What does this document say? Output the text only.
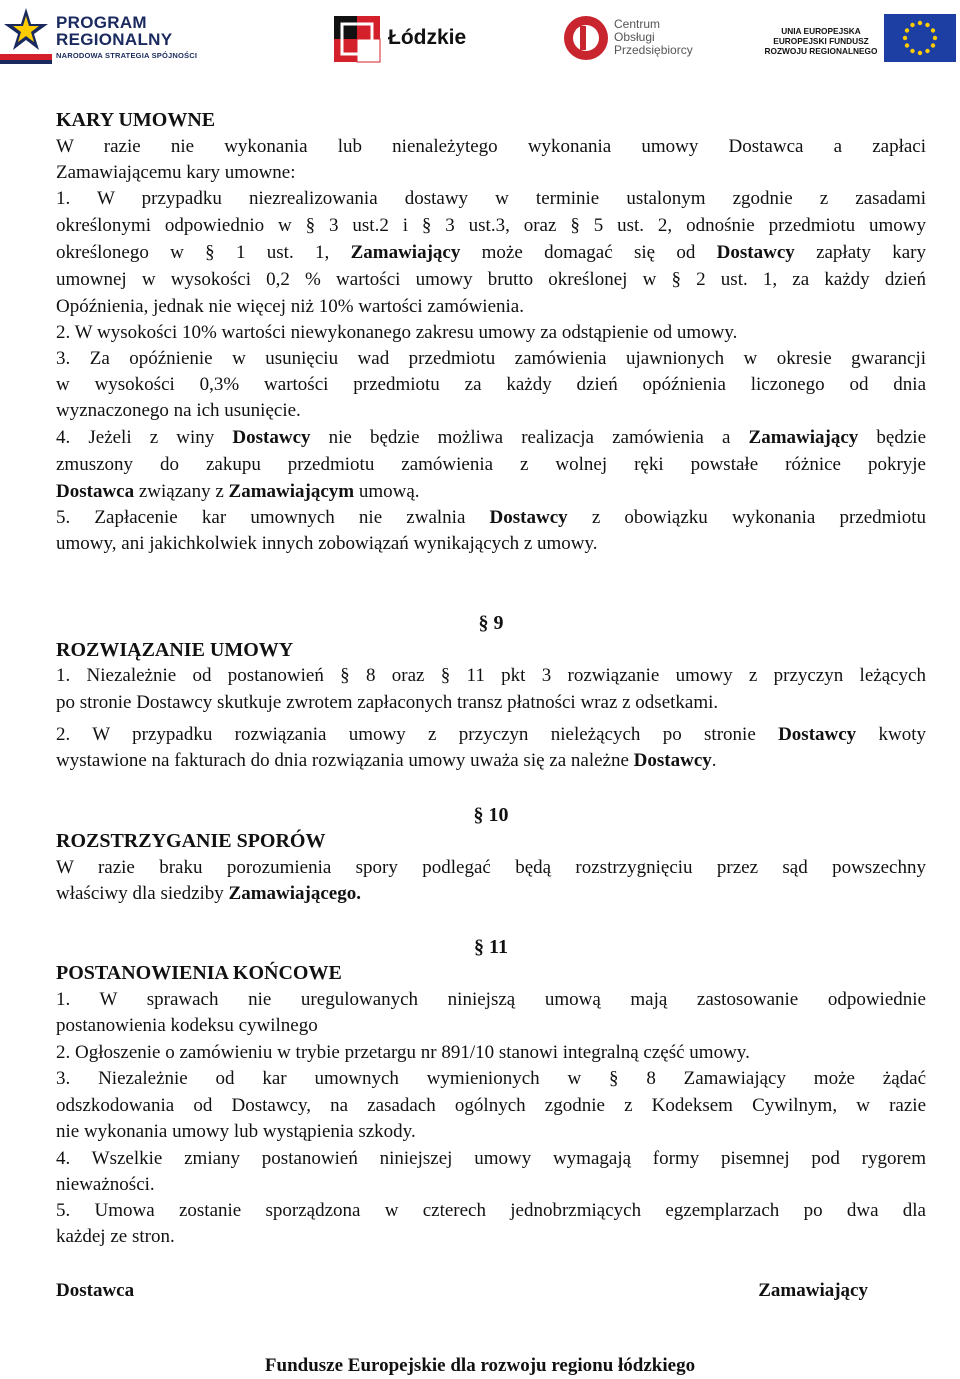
PROGRAM
REGIONALNY
NARODOWA STRATEGIA SPÓJNOŚCI
Łódzkie
Centrum
Obsługi
Przedsiębiorcy
UNIA EUROPEJSKA
EUROPEJSKI FUNDUSZ
ROZWOJU REGIONALNEGO
KARY UMOWNE
W razie nie wykonania lub nienależytego wykonania umowy Dostawca a zapłaci
Zamawiającemu kary umowne:
1. W przypadku niezrealizowania dostawy w terminie ustalonym zgodnie z zasadami
określonymi odpowiednio w § 3 ust.2 i § 3 ust.3, oraz § 5 ust. 2, odnośnie przedmiotu umowy
określonego w § 1 ust. 1, Zamawiający może domagać się od Dostawcy zapłaty kary
umownej w wysokości 0,2 % wartości umowy brutto określonej w § 2 ust. 1, za każdy dzień
Opóźnienia, jednak nie więcej niż 10% wartości zamówienia.
2. W wysokości 10% wartości niewykonanego zakresu umowy za odstąpienie od umowy.
3. Za opóźnienie w usunięciu wad przedmiotu zamówienia ujawnionych w okresie gwarancji
w wysokości 0,3% wartości przedmiotu za każdy dzień opóźnienia liczonego od dnia
wyznaczonego na ich usunięcie.
4. Jeżeli z winy Dostawcy nie będzie możliwa realizacja zamówienia a Zamawiający będzie
zmuszony do zakupu przedmiotu zamówienia z wolnej ręki powstałe różnice pokryje
Dostawca związany z Zamawiającym umową.
5. Zapłacenie kar umownych nie zwalnia Dostawcy z obowiązku wykonania przedmiotu
umowy, ani jakichkolwiek innych zobowiązań wynikających z umowy.
§ 9
ROZWIĄZANIE UMOWY
1. Niezależnie od postanowień § 8 oraz § 11 pkt 3 rozwiązanie umowy z przyczyn leżących
po stronie Dostawcy skutkuje zwrotem zapłaconych transz płatności wraz z odsetkami.
2. W przypadku rozwiązania umowy z przyczyn nieleżących po stronie Dostawcy kwoty
wystawione na fakturach do dnia rozwiązania umowy uważa się za należne Dostawcy.
§ 10
ROZSTRZYGANIE SPORÓW
W razie braku porozumienia spory podlegać będą rozstrzygnięciu przez sąd powszechny
właściwy dla siedziby Zamawiającego.
§ 11
POSTANOWIENIA KOŃCOWE
1. W sprawach nie uregulowanych niniejszą umową mają zastosowanie odpowiednie
postanowienia kodeksu cywilnego
2. Ogłoszenie o zamówieniu w trybie przetargu nr 891/10 stanowi integralną część umowy.
3. Niezależnie od kar umownych wymienionych w § 8 Zamawiający może żądać
odszkodowania od Dostawcy, na zasadach ogólnych zgodnie z Kodeksem Cywilnym, w razie
nie wykonania umowy lub wystąpienia szkody.
4. Wszelkie zmiany postanowień niniejszej umowy wymagają formy pisemnej pod rygorem
nieważności.
5. Umowa zostanie sporządzona w czterech jednobrzmiących egzemplarzach po dwa dla
każdej ze stron.
Dostawca	Zamawiający
Fundusze Europejskie dla rozwoju regionu łódzkiego
